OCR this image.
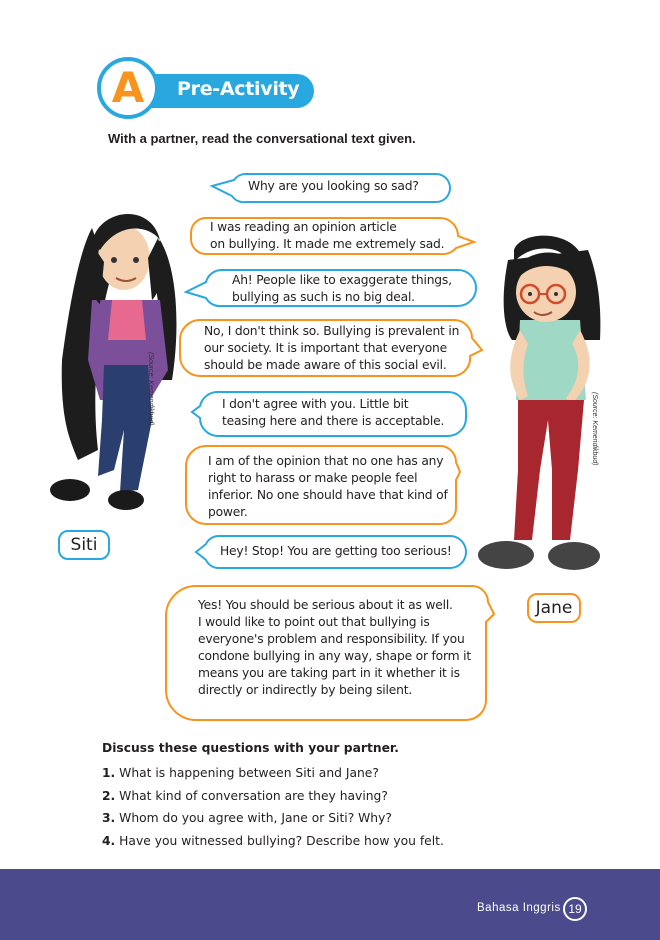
Pre-Activity
A
With a partner, read the conversational text given.
Why are you looking so sad?
I was reading an opinion article
on bullying. It made me extremely sad.
Ah! People like to exaggerate things,
bullying as such is no big deal.
No, I don't think so. Bullying is prevalent in
our society. It is important that everyone
should be made aware of this social evil.
I don't agree with you. Little bit
teasing here and there is acceptable.
I am of the opinion that no one has any
right to harass or make people feel
inferior. No one should have that kind of
power.
Hey! Stop! You are getting too serious!
Yes! You should be serious about it as well.
I would like to point out that bullying is
everyone's problem and responsibility. If you
condone bullying in any way, shape or form it
means you are taking part in it whether it is
directly or indirectly by being silent.
(Source: Kemendikbud)
(Source: Kemendikbud)
Siti
Jane
Discuss these questions with your partner.
1. What is happening between Siti and Jane?
2. What kind of conversation are they having?
3. Whom do you agree with, Jane or Siti? Why?
4. Have you witnessed bullying? Describe how you felt.
Bahasa Inggris 19
